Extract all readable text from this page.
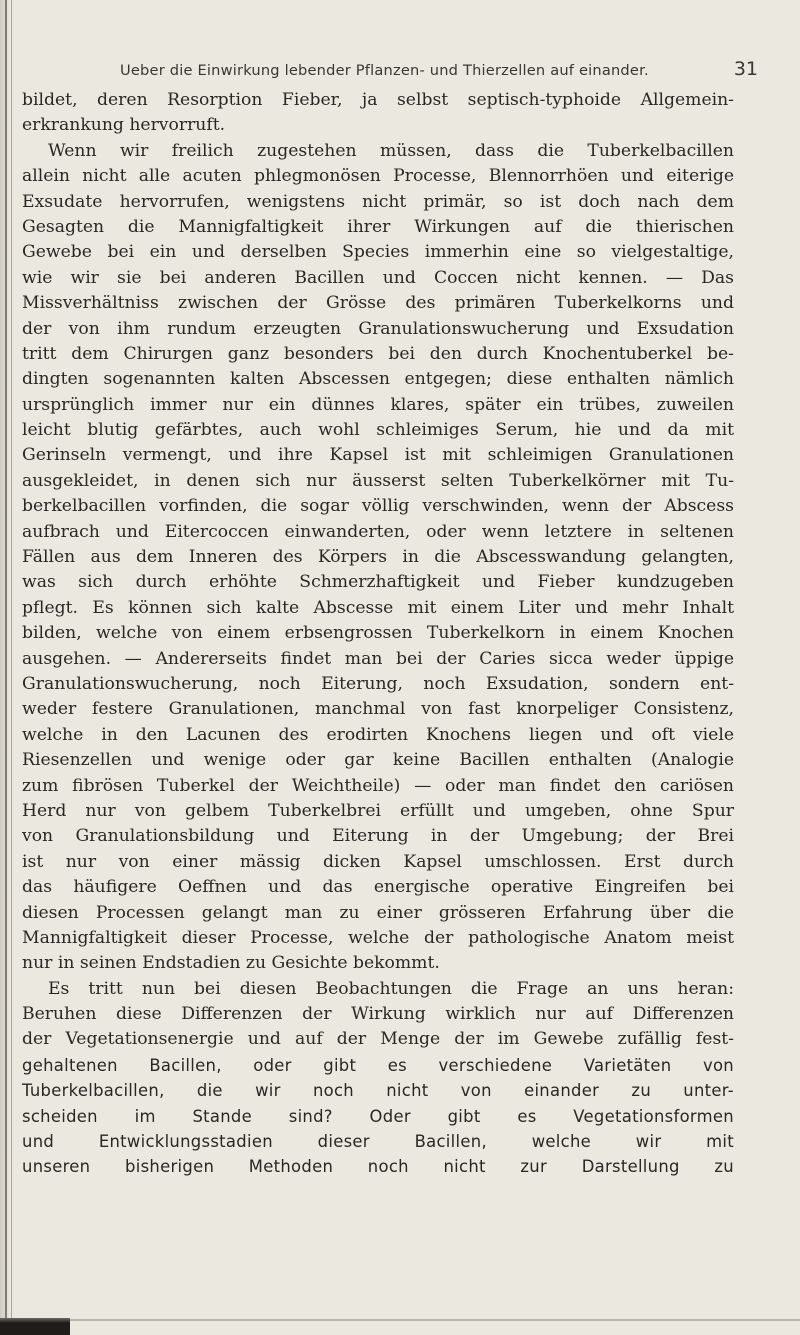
Ueber die Einwirkung lebender Pflanzen- und Thierzellen auf einander.	31
bildet, deren Resorption Fieber, ja selbst septisch-typhoide Allgemein-
erkrankung hervorruft.
Wenn wir freilich zugestehen müssen, dass die Tuberkelbacillen
allein nicht alle acuten phlegmonösen Processe, Blennorrhöen und eiterige
Exsudate hervorrufen, wenigstens nicht primär, so ist doch nach dem
Gesagten die Mannigfaltigkeit ihrer Wirkungen auf die thierischen
Gewebe bei ein und derselben Species immerhin eine so vielgestaltige,
wie wir sie bei anderen Bacillen und Coccen nicht kennen. — Das
Missverhältniss zwischen der Grösse des primären Tuberkelkorns und
der von ihm rundum erzeugten Granulationswucherung und Exsudation
tritt dem Chirurgen ganz besonders bei den durch Knochentuberkel be-
dingten sogenannten kalten Abscessen entgegen; diese enthalten nämlich
ursprünglich immer nur ein dünnes klares, später ein trübes, zuweilen
leicht blutig gefärbtes, auch wohl schleimiges Serum, hie und da mit
Gerinseln vermengt, und ihre Kapsel ist mit schleimigen Granulationen
ausgekleidet, in denen sich nur äusserst selten Tuberkelkörner mit Tu-
berkelbacillen vorfinden, die sogar völlig verschwinden, wenn der Abscess
aufbrach und Eitercoccen einwanderten, oder wenn letztere in seltenen
Fällen aus dem Inneren des Körpers in die Abscesswandung gelangten,
was sich durch erhöhte Schmerzhaftigkeit und Fieber kundzugeben
pflegt. Es können sich kalte Abscesse mit einem Liter und mehr Inhalt
bilden, welche von einem erbsengrossen Tuberkelkorn in einem Knochen
ausgehen. — Andererseits findet man bei der Caries sicca weder üppige
Granulationswucherung, noch Eiterung, noch Exsudation, sondern ent-
weder festere Granulationen, manchmal von fast knorpeliger Consistenz,
welche in den Lacunen des erodirten Knochens liegen und oft viele
Riesenzellen und wenige oder gar keine Bacillen enthalten (Analogie
zum fibrösen Tuberkel der Weichtheile) — oder man findet den cariösen
Herd nur von gelbem Tuberkelbrei erfüllt und umgeben, ohne Spur
von Granulationsbildung und Eiterung in der Umgebung; der Brei
ist nur von einer mässig dicken Kapsel umschlossen. Erst durch
das häufigere Oeffnen und das energische operative Eingreifen bei
diesen Processen gelangt man zu einer grösseren Erfahrung über die
Mannigfaltigkeit dieser Processe, welche der pathologische Anatom meist
nur in seinen Endstadien zu Gesichte bekommt.
Es tritt nun bei diesen Beobachtungen die Frage an uns heran:
Beruhen diese Differenzen der Wirkung wirklich nur auf Differenzen
der Vegetationsenergie und auf der Menge der im Gewebe zufällig fest-
gehaltenen Bacillen, oder gibt es verschiedene Varietäten von
Tuberkelbacillen, die wir noch nicht von einander zu unter-
scheiden im Stande sind? Oder gibt es Vegetationsformen
und Entwicklungsstadien dieser Bacillen, welche wir mit
unseren bisherigen Methoden noch nicht zur Darstellung zu
